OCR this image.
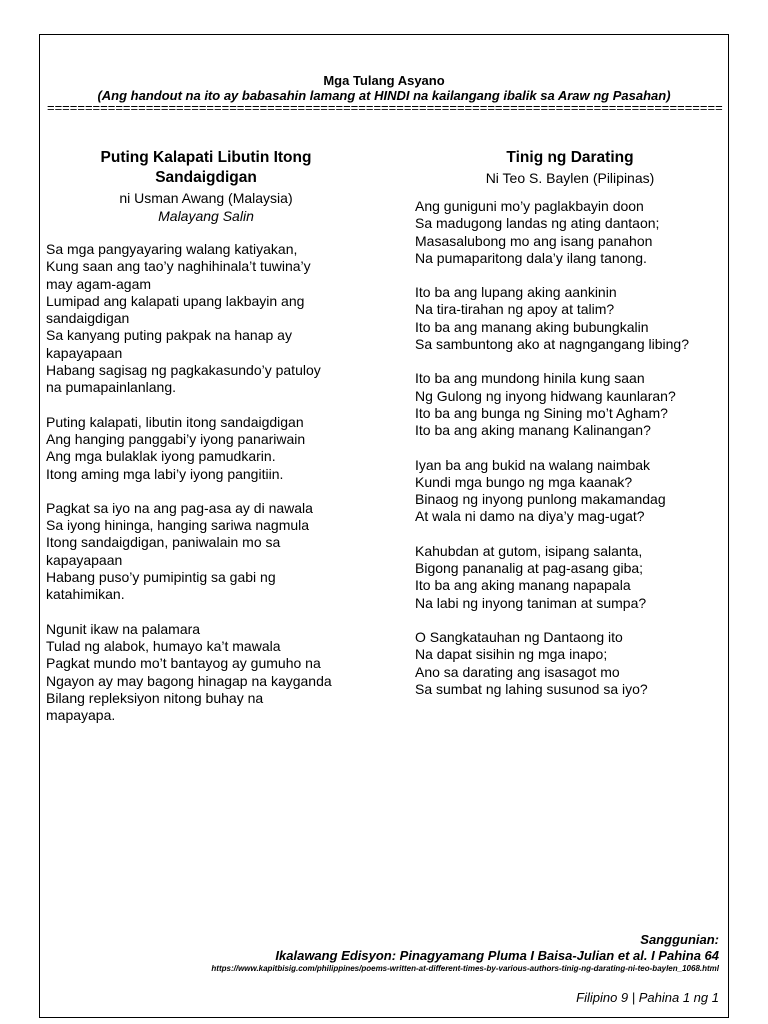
Mga Tulang Asyano
(Ang handout na ito ay babasahin lamang at HINDI na kailangang ibalik sa Araw ng Pasahan)
=========================================================================================
Puting Kalapati Libutin Itong
Sandaigdigan
ni Usman Awang (Malaysia)
Malayang Salin
Sa mga pangyayaring walang katiyakan,
Kung saan ang tao’y naghihinala’t tuwina’y
may agam-agam
Lumipad ang kalapati upang lakbayin ang
sandaigdigan
Sa kanyang puting pakpak na hanap ay
kapayapaan
Habang sagisag ng pagkakasundo’y patuloy
na pumapainlanlang.
Puting kalapati, libutin itong sandaigdigan
Ang hanging panggabi’y iyong panariwain
Ang mga bulaklak iyong pamudkarin.
Itong aming mga labi’y iyong pangitiin.
Pagkat sa iyo na ang pag-asa ay di nawala
Sa iyong hininga, hanging sariwa nagmula
Itong sandaigdigan, paniwalain mo sa
kapayapaan
Habang puso’y pumipintig sa gabi ng
katahimikan.
Ngunit ikaw na palamara
Tulad ng alabok, humayo ka’t mawala
Pagkat mundo mo’t bantayog ay gumuho na
Ngayon ay may bagong hinagap na kayganda
Bilang repleksiyon nitong buhay na
mapayapa.
Tinig ng Darating
Ni Teo S. Baylen (Pilipinas)
Ang guniguni mo’y paglakbayin doon
Sa madugong landas ng ating dantaon;
Masasalubong mo ang isang panahon
Na pumaparitong dala’y ilang tanong.
Ito ba ang lupang aking aankinin
Na tira-tirahan ng apoy at talim?
Ito ba ang manang aking bubungkalin
Sa sambuntong ako at nagngangang libing?
Ito ba ang mundong hinila kung saan
Ng Gulong ng inyong hidwang kaunlaran?
Ito ba ang bunga ng Sining mo’t Agham?
Ito ba ang aking manang Kalinangan?
Iyan ba ang bukid na walang naimbak
Kundi mga bungo ng mga kaanak?
Binaog ng inyong punlong makamandag
At wala ni damo na diya’y mag-ugat?
Kahubdan at gutom, isipang salanta,
Bigong pananalig at pag-asang giba;
Ito ba ang aking manang napapala
Na labi ng inyong taniman at sumpa?
O Sangkatauhan ng Dantaong ito
Na dapat sisihin ng mga inapo;
Ano sa darating ang isasagot mo
Sa sumbat ng lahing susunod sa iyo?
Sanggunian:
Ikalawang Edisyon: Pinagyamang Pluma I Baisa-Julian et al. I Pahina 64
https://www.kapitbisig.com/philippines/poems-written-at-different-times-by-various-authors-tinig-ng-darating-ni-teo-baylen_1068.html
Filipino 9 | Pahina 1 ng 1
